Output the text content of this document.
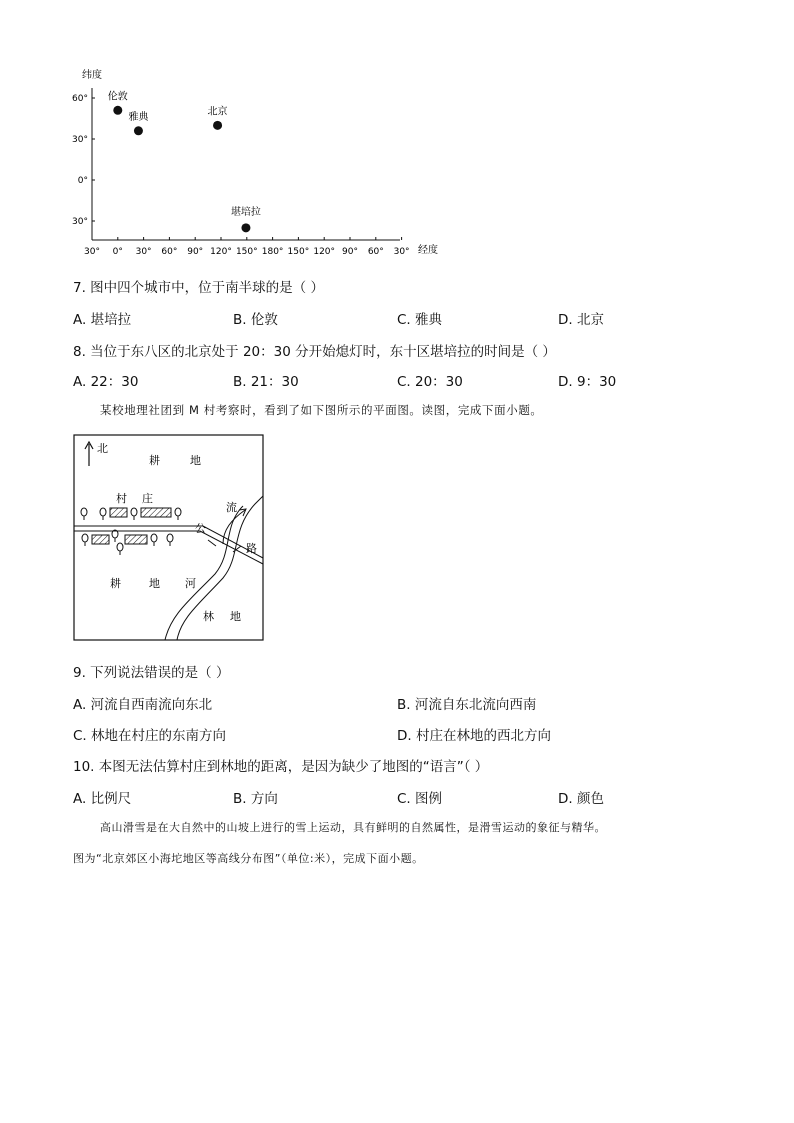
纬度
经度
60°
30°
0°
30°
30° 0° 30° 60° 90° 120° 150° 180° 150° 120° 90° 60° 30°
伦敦
雅典	北京
堪培拉
7. 图中四个城市中，位于南半球的是（ ）
A. 堪培拉	B. 伦敦	C. 雅典	D. 北京
8. 当位于东八区的北京处于 20：30 分开始熄灯时，东十区堪培拉的时间是（ ）
A. 22：30	B. 21：30	C. 20：30	D. 9：30
某校地理社团到 M 村考察时，看到了如下图所示的平面图。读图，完成下面小题。
北
耕	地
村 庄
流
公
路
耕	地 河
林 地
9. 下列说法错误的是（ ）
A. 河流自西南流向东北	B. 河流自东北流向西南
C. 林地在村庄的东南方向	D. 村庄在林地的西北方向
10. 本图无法估算村庄到林地的距离，是因为缺少了地图的“语言”（ ）
A. 比例尺	B. 方向	C. 图例	D. 颜色
高山滑雪是在大自然中的山坡上进行的雪上运动，具有鲜明的自然属性，是滑雪运动的象征与精华。
图为“北京郊区小海坨地区等高线分布图”（单位:米），完成下面小题。
